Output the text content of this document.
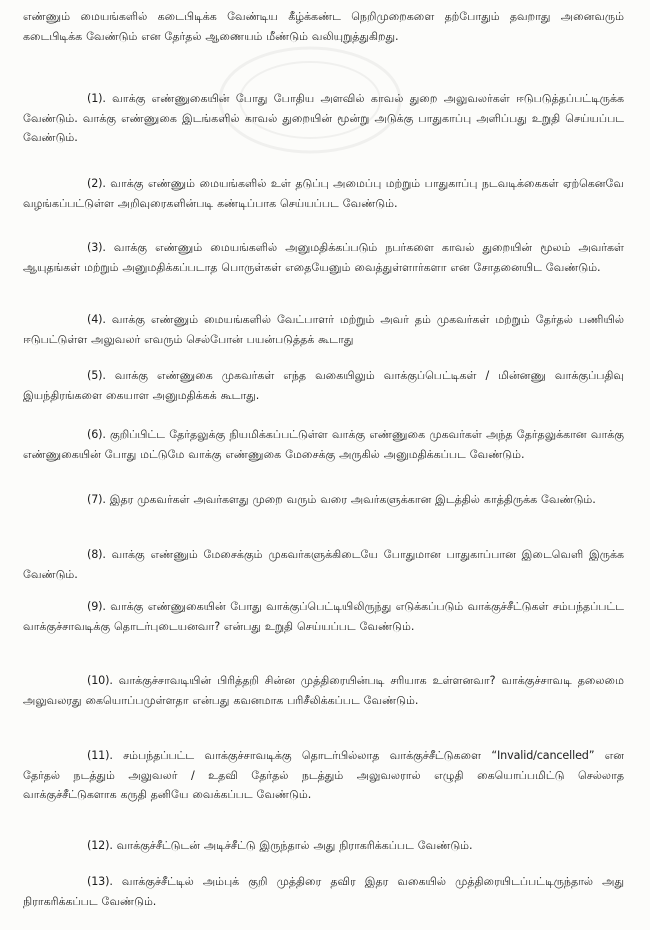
எண்ணும் மையங்களில் கடைபிடிக்க வேண்டிய கீழ்க்கண்ட நெறிமுறைகளை தற்போதும் தவறாது அனைவரும் கடைபிடிக்க வேண்டும் என தேர்தல் ஆணையம் மீண்டும் வலியுறுத்துகிறது.

(1). வாக்கு எண்ணுகையின் போது போதிய அளவில் காவல் துறை அலுவலர்கள் ஈடுபடுத்தப்பட்டிருக்க வேண்டும். வாக்கு எண்ணுகை இடங்களில் காவல் துறையின் மூன்று அடுக்கு பாதுகாப்பு அளிப்பது உறுதி செய்யப்பட வேண்டும்.

(2). வாக்கு எண்ணும் மையங்களில் உள் தடுப்பு அமைப்பு மற்றும் பாதுகாப்பு நடவடிக்கைகள் ஏற்கெனவே வழங்கப்பட்டுள்ள அறிவுரைகளின்படி கண்டிப்பாக செய்யப்பட வேண்டும்.

(3). வாக்கு எண்ணும் மையங்களில் அனுமதிக்கப்படும் நபர்களை காவல் துறையின் மூலம் அவர்கள் ஆயுதங்கள் மற்றும் அனுமதிக்கப்படாத பொருள்கள் எதையேனும் வைத்துள்ளார்களா என சோதனையிட வேண்டும்.

(4). வாக்கு எண்ணும் மையங்களில் வேட்பாளர் மற்றும் அவர் தம் முகவர்கள் மற்றும் தேர்தல் பணியில் ஈடுபட்டுள்ள அலுவலர் எவரும் செல்போன் பயன்படுத்தக் கூடாது

(5). வாக்கு எண்ணுகை முகவர்கள் எந்த வகையிலும் வாக்குப்பெட்டிகள் / மின்னணு வாக்குப்பதிவு இயந்திரங்களை கையாள அனுமதிக்கக் கூடாது.

(6). குறிப்பிட்ட தேர்தலுக்கு நியமிக்கப்பட்டுள்ள வாக்கு எண்ணுகை முகவர்கள் அந்த தேர்தலுக்கான வாக்கு எண்ணுகையின் போது மட்டுமே வாக்கு எண்ணுகை மேசைக்கு அருகில் அனுமதிக்கப்பட வேண்டும்.

(7). இதர முகவர்கள் அவர்களது முறை வரும் வரை அவர்களுக்கான இடத்தில் காத்திருக்க வேண்டும்.

(8). வாக்கு எண்ணும் மேசைக்கும் முகவர்களுக்கிடையே போதுமான பாதுகாப்பான இடைவெளி இருக்க வேண்டும்.

(9). வாக்கு எண்ணுகையின் போது வாக்குப்பெட்டியிலிருந்து எடுக்கப்படும் வாக்குச்சீட்டுகள் சம்பந்தப்பட்ட வாக்குச்சாவடிக்கு தொடர்புடையனவா? என்பது உறுதி செய்யப்பட வேண்டும்.

(10). வாக்குச்சாவடியின் பிரித்தறி சின்ன முத்திரையின்படி சரியாக உள்ளனவா? வாக்குச்சாவடி தலைமை அலுவலரது கையொப்பமுள்ளதா என்பது கவனமாக பரிசீலிக்கப்பட வேண்டும்.

(11). சம்பந்தப்பட்ட வாக்குச்சாவடிக்கு தொடர்பில்லாத வாக்குச்சீட்டுகளை “Invalid/cancelled” என தேர்தல் நடத்தும் அலுவலர் / உதவி தேர்தல் நடத்தும் அலுவலரால் எழுதி கையொப்பமிட்டு செல்லாத வாக்குச்சீட்டுகளாக கருதி தனியே வைக்கப்பட வேண்டும்.

(12). வாக்குச்சீட்டுடன் அடிச்சீட்டு இருந்தால் அது நிராகரிக்கப்பட வேண்டும்.

(13). வாக்குச்சீட்டில் அம்புக் குறி முத்திரை தவிர இதர வகையில் முத்திரையிடப்பட்டிருந்தால் அது நிராகரிக்கப்பட வேண்டும்.
